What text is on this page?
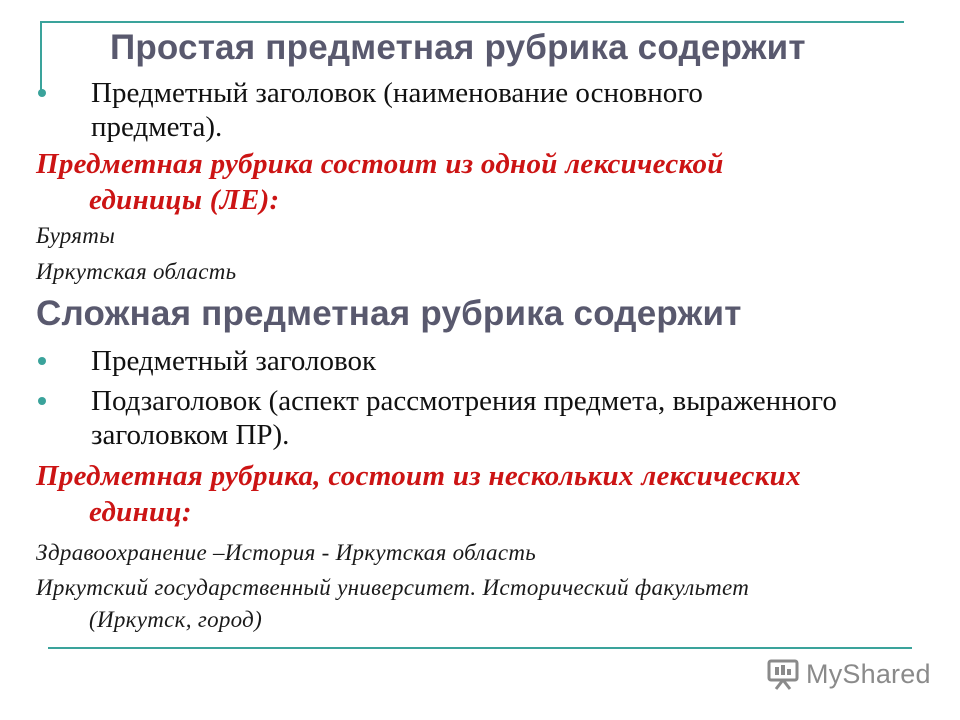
Простая предметная рубрика содержит
Предметный заголовок (наименование основного
предмета).

Предметная рубрика состоит из одной лексической
единицы (ЛЕ):

Буряты

Иркутская область

Сложная предметная рубрика содержит
Предметный заголовок
Подзаголовок (аспект рассмотрения предмета, выраженного
заголовком ПР).

Предметная рубрика, состоит из нескольких лексических
единиц:

Здравоохранение –История - Иркутская область

Иркутский государственный университет. Исторический факультет
(Иркутск, город)

MyShared
